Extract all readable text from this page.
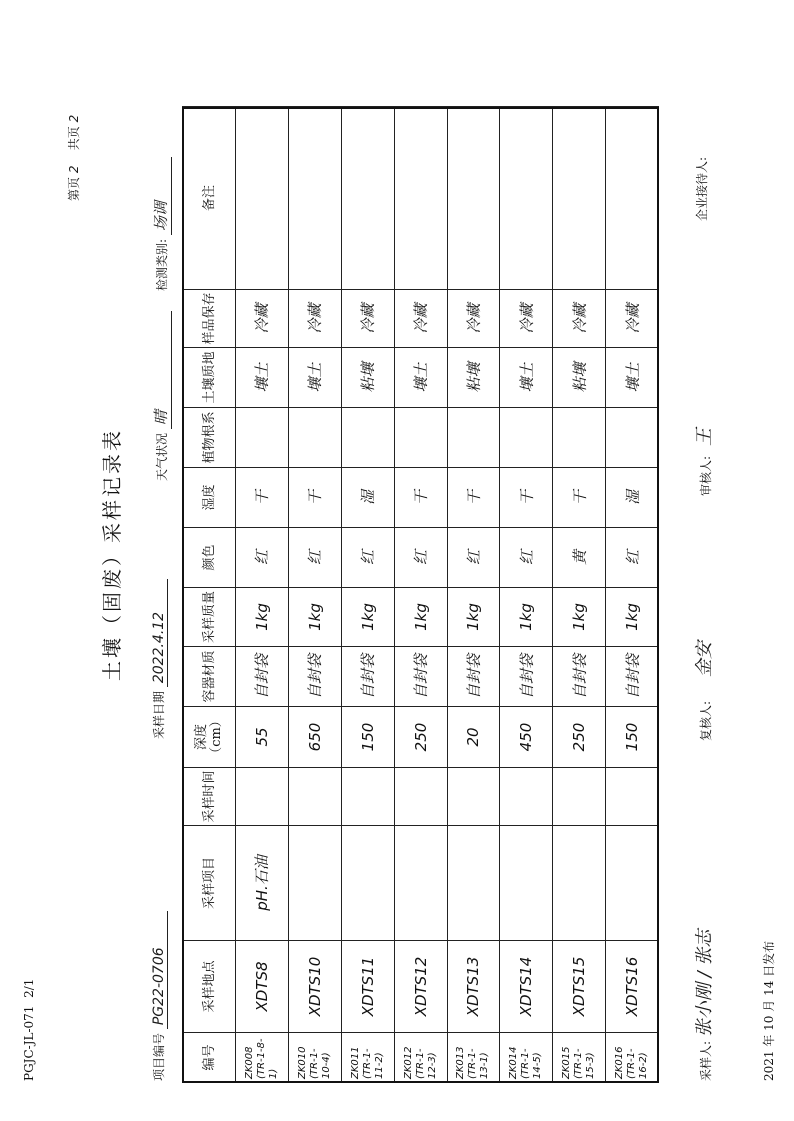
PGJC-JL-071  2/1
第页 2    共页 2
土壤（固废）采样记录表
项目编号 PG22-0706
采样日期 2022.4.12
天气状况 晴
检测类别: 场调
编号	采样地点	采样项目	采样时间	深度（cm）	容器材质	采样质量	颜色	湿度	植物根系	土壤质地	样品保存	备注
ZK008 (TR-1-8-1)	XDTS8	pH.石油		55	自封袋	1kg	红	干		壤土	冷藏	
ZK010 (TR-1-10-4)	XDTS10			650	自封袋	1kg	红	干		壤土	冷藏	
ZK011 (TR-1-11-2)	XDTS11			150	自封袋	1kg	红	湿		粘壤	冷藏	
ZK012 (TR-1-12-3)	XDTS12			250	自封袋	1kg	红	干		壤土	冷藏	
ZK013 (TR-1-13-1)	XDTS13			20	自封袋	1kg	红	干		粘壤	冷藏	
ZK014 (TR-1-14-5)	XDTS14			450	自封袋	1kg	红	干		壤土	冷藏	
ZK015 (TR-1-15-3)	XDTS15			250	自封袋	1kg	黄	干		粘壤	冷藏	
ZK016 (TR-1-16-2)	XDTS16			150	自封袋	1kg	红	湿		壤土	冷藏	
采样人: 张小刚 / 张志
复核人: 金安
审核人: 王
企业接待人:
2021 年 10 月 14 日发布
